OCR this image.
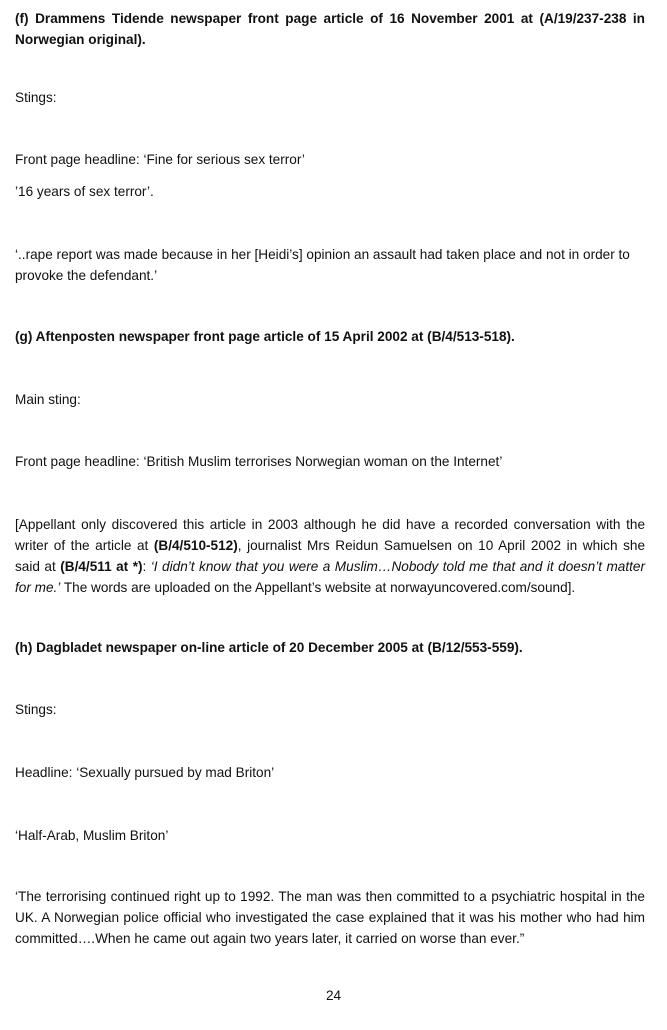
(f) Drammens Tidende newspaper front page article of 16 November 2001 at (A/19/237-238 in Norwegian original).

Stings:

Front page headline: ‘Fine for serious sex terror’

’16 years of sex terror’.

‘..rape report was made because in her [Heidi’s] opinion an assault had taken place and not in order to provoke the defendant.’

(g) Aftenposten newspaper front page article of 15 April 2002 at (B/4/513-518).

Main sting:

Front page headline: ‘British Muslim terrorises Norwegian woman on the Internet’

[Appellant only discovered this article in 2003 although he did have a recorded conversation with the writer of the article at (B/4/510-512), journalist Mrs Reidun Samuelsen on 10 April 2002 in which she said at (B/4/511 at *): ‘I didn’t know that you were a Muslim…Nobody told me that and it doesn’t matter for me.’ The words are uploaded on the Appellant’s website at norwayuncovered.com/sound].

(h) Dagbladet newspaper on-line article of 20 December 2005 at (B/12/553-559).

Stings:

Headline: ‘Sexually pursued by mad Briton’

‘Half-Arab, Muslim Briton’

‘The terrorising continued right up to 1992. The man was then committed to a psychiatric hospital in the UK. A Norwegian police official who investigated the case explained that it was his mother who had him committed….When he came out again two years later, it carried on worse than ever.”

24
